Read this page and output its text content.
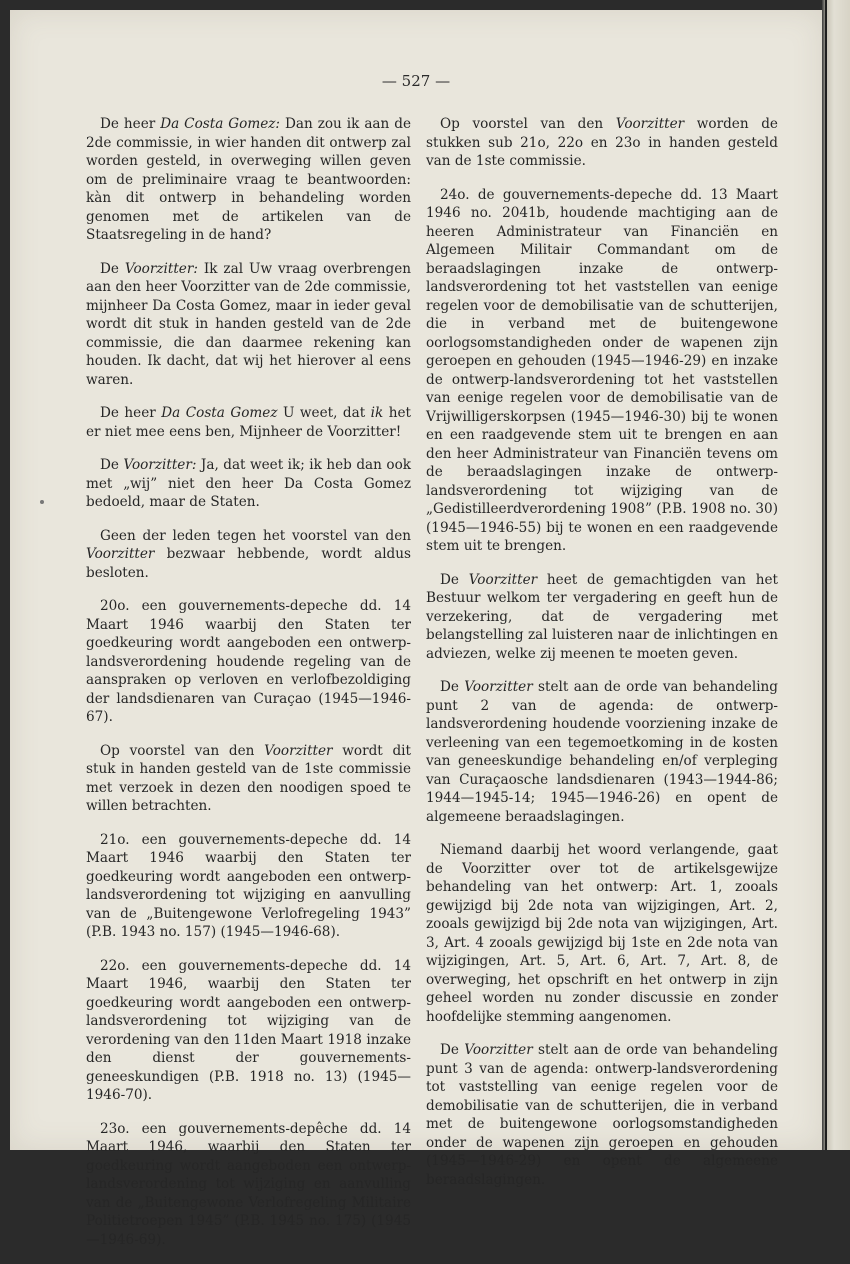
— 527 —

De heer Da Costa Gomez: Dan zou ik aan de 2de commissie, in wier handen dit ontwerp zal worden gesteld, in overweging willen geven om de preliminaire vraag te beantwoorden: kàn dit ontwerp in behandeling worden genomen met de artikelen van de Staatsregeling in de hand?

De Voorzitter: Ik zal Uw vraag overbrengen aan den heer Voorzitter van de 2de commissie, mijnheer Da Costa Gomez, maar in ieder geval wordt dit stuk in handen gesteld van de 2de commissie, die dan daarmee rekening kan houden. Ik dacht, dat wij het hierover al eens waren.

De heer Da Costa Gomez U weet, dat ik het er niet mee eens ben, Mijnheer de Voorzitter!

De Voorzitter: Ja, dat weet ik; ik heb dan ook met „wij” niet den heer Da Costa Gomez bedoeld, maar de Staten.

Geen der leden tegen het voorstel van den Voorzitter bezwaar hebbende, wordt aldus besloten.

20o. een gouvernements-depeche dd. 14 Maart 1946 waarbij den Staten ter goedkeuring wordt aangeboden een ontwerp-landsverordening houdende regeling van de aanspraken op verloven en verlofbezoldiging der landsdienaren van Curaçao (1945—1946-67).

Op voorstel van den Voorzitter wordt dit stuk in handen gesteld van de 1ste commissie met verzoek in dezen den noodigen spoed te willen betrachten.

21o. een gouvernements-depeche dd. 14 Maart 1946 waarbij den Staten ter goedkeuring wordt aangeboden een ontwerp-landsverordening tot wijziging en aanvulling van de „Buitengewone Verlofregeling 1943” (P.B. 1943 no. 157) (1945—1946-68).

22o. een gouvernements-depeche dd. 14 Maart 1946, waarbij den Staten ter goedkeuring wordt aangeboden een ontwerp-landsverordening tot wijziging van de verordening van den 11den Maart 1918 inzake den dienst der gouvernements-geneeskundigen (P.B. 1918 no. 13) (1945—1946-70).

23o. een gouvernements-depêche dd. 14 Maart 1946, waarbij den Staten ter goedkeuring wordt aangeboden een ontwerp-landsverordening tot wijziging en aanvulling van de „Buitengewone Verlofregeling Militaire Politietroepen 1945” (P.B. 1945 no. 175) (1945—1946-69).

Op voorstel van den Voorzitter worden de stukken sub 21o, 22o en 23o in handen gesteld van de 1ste commissie.

24o. de gouvernements-depeche dd. 13 Maart 1946 no. 2041b, houdende machtiging aan de heeren Administrateur van Financiën en Algemeen Militair Commandant om de beraadslagingen inzake de ontwerp-landsverordening tot het vaststellen van eenige regelen voor de demobilisatie van de schutterijen, die in verband met de buitengewone oorlogsomstandigheden onder de wapenen zijn geroepen en gehouden (1945—1946-29) en inzake de ontwerp-landsverordening tot het vaststellen van eenige regelen voor de demobilisatie van de Vrijwilligerskorpsen (1945—1946-30) bij te wonen en een raadgevende stem uit te brengen en aan den heer Administrateur van Financiën tevens om de beraadslagingen inzake de ontwerp-landsverordening tot wijziging van de „Gedistilleerdverordening 1908” (P.B. 1908 no. 30) (1945—1946-55) bij te wonen en een raadgevende stem uit te brengen.

De Voorzitter heet de gemachtigden van het Bestuur welkom ter vergadering en geeft hun de verzekering, dat de vergadering met belangstelling zal luisteren naar de inlichtingen en adviezen, welke zij meenen te moeten geven.

De Voorzitter stelt aan de orde van behandeling punt 2 van de agenda: de ontwerp-landsverordening houdende voorziening inzake de verleening van een tegemoetkoming in de kosten van geneeskundige behandeling en/of verpleging van Curaçaosche landsdienaren (1943—1944-86; 1944—1945-14; 1945—1946-26) en opent de algemeene beraadslagingen.

Niemand daarbij het woord verlangende, gaat de Voorzitter over tot de artikelsgewijze behandeling van het ontwerp: Art. 1, zooals gewijzigd bij 2de nota van wijzigingen, Art. 2, zooals gewijzigd bij 2de nota van wijzigingen, Art. 3, Art. 4 zooals gewijzigd bij 1ste en 2de nota van wijzigingen, Art. 5, Art. 6, Art. 7, Art. 8, de overweging, het opschrift en het ontwerp in zijn geheel worden nu zonder discussie en zonder hoofdelijke stemming aangenomen.

De Voorzitter stelt aan de orde van behandeling punt 3 van de agenda: ontwerp-landsverordening tot vaststelling van eenige regelen voor de demobilisatie van de schutterijen, die in verband met de buitengewone oorlogsomstandigheden onder de wapenen zijn geroepen en gehouden (1945—1946-29) en opent de algemeene beraadslagingen.
